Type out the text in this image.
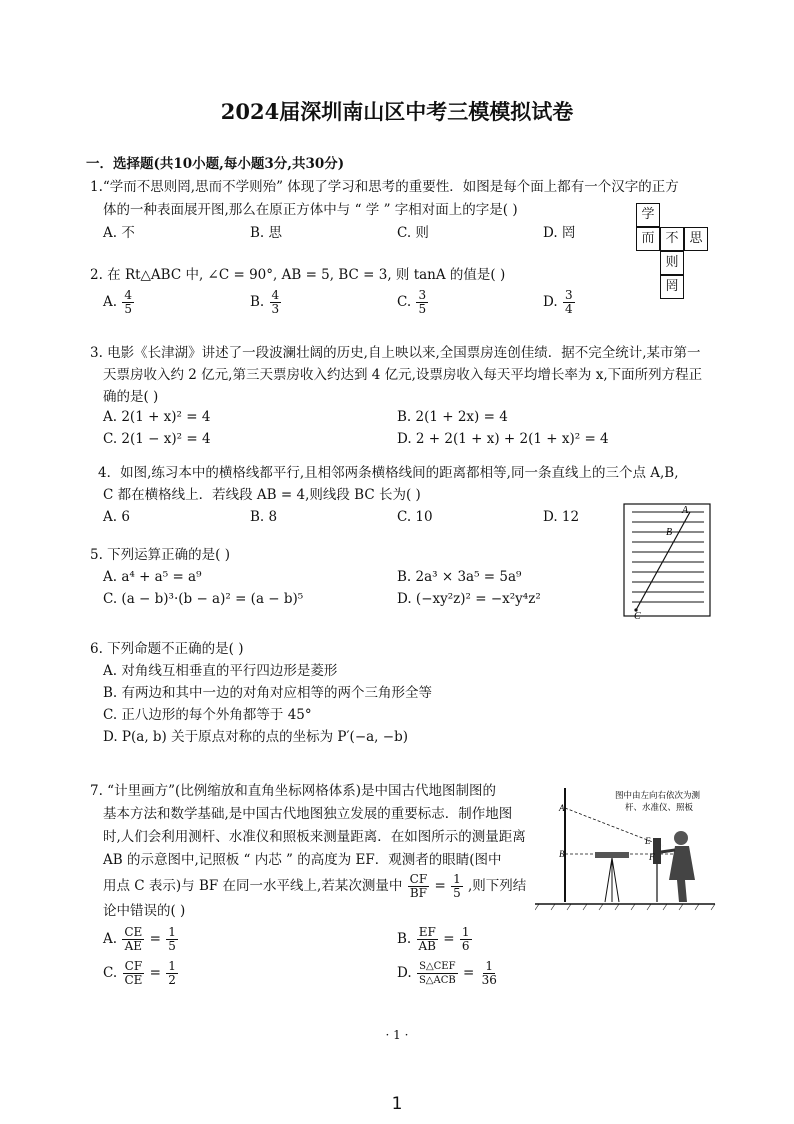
2024届深圳南山区中考三模模拟试卷
一．选择题(共10小题,每小题3分,共30分)
1.“学而不思则罔,思而不学则殆” 体现了学习和思考的重要性．如图是每个面上都有一个汉字的正方
体的一种表面展开图,那么在原正方体中与 “ 学 ” 字相对面上的字是( )
A. 不	B. 思	C. 则	D. 罔
学
而 不 思
则
罔
2. 在 Rt△ABC 中, ∠C = 90°, AB = 5, BC = 3, 则 tanA 的值是( )
A. $\frac{4}{5}$	B. $\frac{4}{3}$	C. $\frac{3}{5}$	D. $\frac{3}{4}$
3. 电影《长津湖》讲述了一段波澜壮阔的历史,自上映以来,全国票房连创佳绩．据不完全统计,某市第一
天票房收入约 2 亿元,第三天票房收入约达到 4 亿元,设票房收入每天平均增长率为 x,下面所列方程正
确的是( )
A. 2(1 + x)² = 4	B. 2(1 + 2x) = 4
C. 2(1 − x)² = 4	D. 2 + 2(1 + x) + 2(1 + x)² = 4
4．如图,练习本中的横格线都平行,且相邻两条横格线间的距离都相等,同一条直线上的三个点 A,B,
C 都在横格线上．若线段 AB = 4,则线段 BC 长为( )
A. 6	B. 8	C. 10	D. 12	A
B
C
5. 下列运算正确的是( )
A. a⁴ + a⁵ = a⁹	B. 2a³ × 3a⁵ = 5a⁹
C. (a − b)³·(b − a)² = (a − b)⁵	D. (−xy²z)² = −x²y⁴z²
6. 下列命题不正确的是( )
A. 对角线互相垂直的平行四边形是菱形
B. 有两边和其中一边的对角对应相等的两个三角形全等
C. 正八边形的每个外角都等于 45°
D. P(a, b) 关于原点对称的点的坐标为 P′(−a, −b)
7. “计里画方”(比例缩放和直角坐标网格体系)是中国古代地图制图的
基本方法和数学基础,是中国古代地图独立发展的重要标志．制作地图
时,人们会利用测杆、水准仪和照板来测量距离．在如图所示的测量距离
AB 的示意图中,记照板 “ 内芯 ” 的高度为 EF．观测者的眼睛(图中
用点 C 表示)与 BF 在同一水平线上,若某次测量中 $\frac{CF}{BF} = \frac{1}{5}$ ,则下列结
论中错误的( )
A. $\frac{CE}{AE} = \frac{1}{5}$	B. $\frac{EF}{AB} = \frac{1}{6}$
C. $\frac{CF}{CE} = \frac{1}{2}$	D. $\frac{\text{S△CEF}}{\text{S△ACB}} = \frac{1}{36}$
图中由左向右依次为测
杆、水准仪、照板
A
B
E
F
· 1 ·
1
